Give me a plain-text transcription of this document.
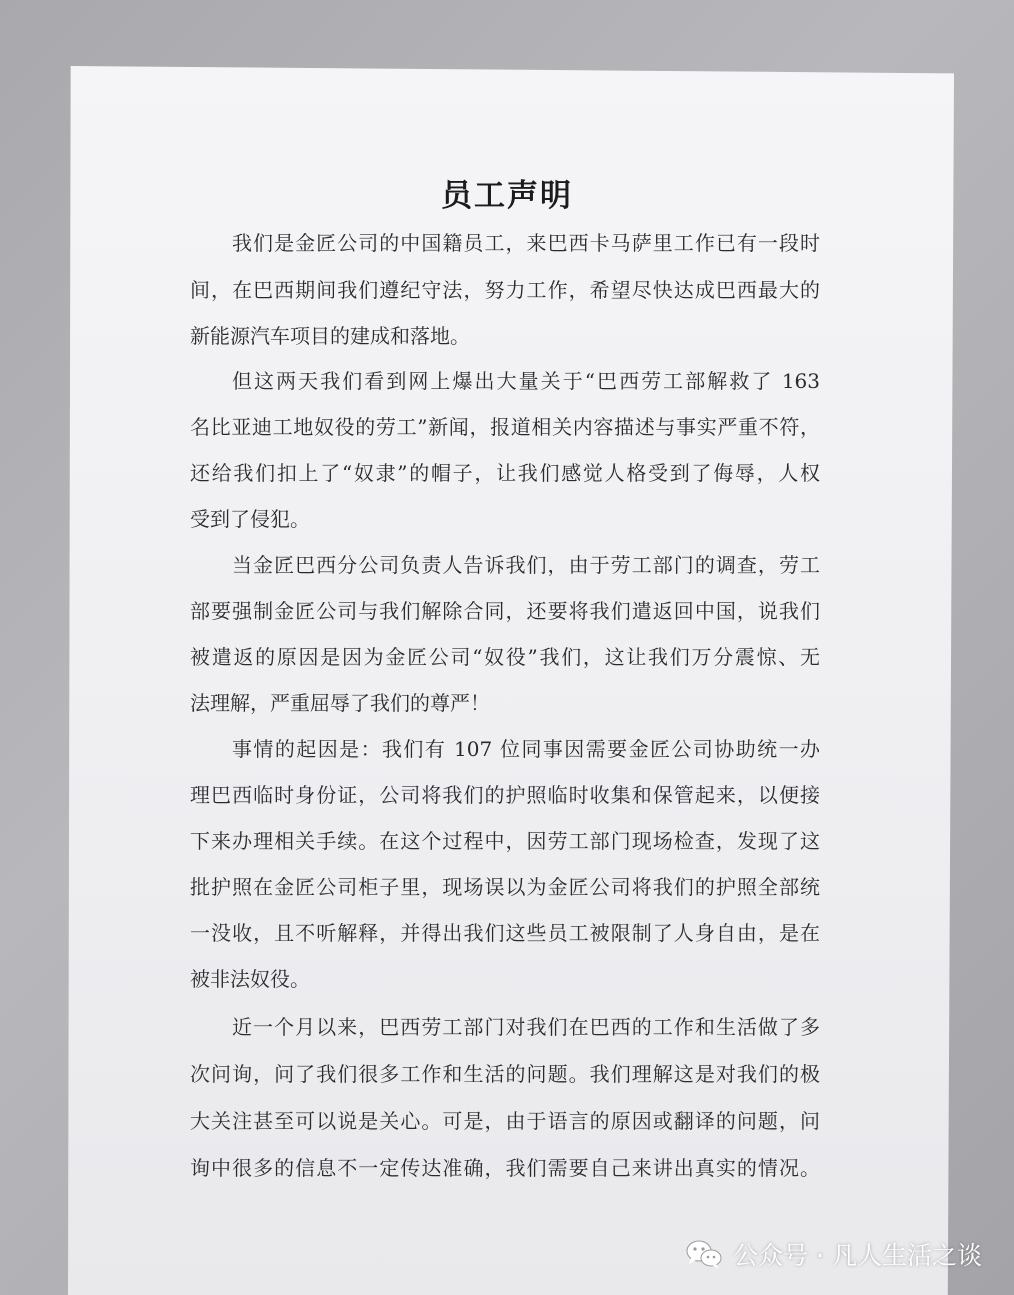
员工声明
我们是金匠公司的中国籍员工，来巴西卡马萨里工作已有一段时
间，在巴西期间我们遵纪守法，努力工作，希望尽快达成巴西最大的
新能源汽车项目的建成和落地。
但这两天我们看到网上爆出大量关于“巴西劳工部解救了 163
名比亚迪工地奴役的劳工”新闻，报道相关内容描述与事实严重不符，
还给我们扣上了“奴隶”的帽子，让我们感觉人格受到了侮辱，人权
受到了侵犯。
当金匠巴西分公司负责人告诉我们，由于劳工部门的调查，劳工
部要强制金匠公司与我们解除合同，还要将我们遣返回中国，说我们
被遣返的原因是因为金匠公司“奴役”我们，这让我们万分震惊、无
法理解，严重屈辱了我们的尊严！
事情的起因是：我们有 107 位同事因需要金匠公司协助统一办
理巴西临时身份证，公司将我们的护照临时收集和保管起来，以便接
下来办理相关手续。在这个过程中，因劳工部门现场检查，发现了这
批护照在金匠公司柜子里，现场误以为金匠公司将我们的护照全部统
一没收，且不听解释，并得出我们这些员工被限制了人身自由，是在
被非法奴役。
近一个月以来，巴西劳工部门对我们在巴西的工作和生活做了多
次问询，问了我们很多工作和生活的问题。我们理解这是对我们的极
大关注甚至可以说是关心。可是，由于语言的原因或翻译的问题，问
询中很多的信息不一定传达准确，我们需要自己来讲出真实的情况。
公众号 · 凡人生活之谈
